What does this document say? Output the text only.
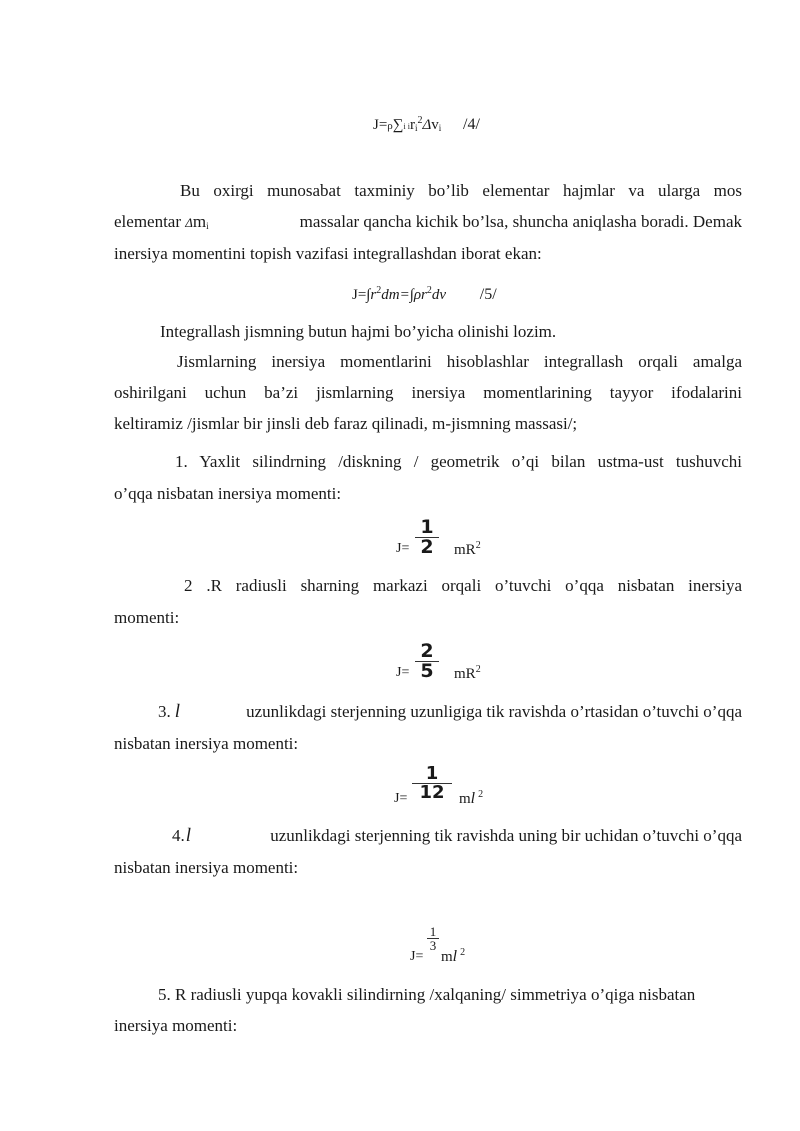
J=ρ∑i iri$^2$Δvi /4/
Bu oxirgi munosabat taxminiy bo’lib elementar hajmlar va ularga mos
elementar Δmi	massalar qancha kichik bo’lsa, shuncha aniqlasha boradi. Demak
inersiya momentini topish vazifasi integrallashdan iborat ekan:
$J=\int r^2dm=\int\rho r^2dv$ /5/
Integrallash jismning butun hajmi bo’yicha olinishi lozim.
Jismlarning inersiya momentlarini hisoblashlar integrallash orqali amalga
oshirilgani uchun ba’zi jismlarning inersiya momentlarining tayyor ifodalarini
keltiramiz /jismlar bir jinsli deb faraz qilinadi, m-jismning massasi/;
1. Yaxlit silindrning /diskning / geometrik o’qi bilan ustma-ust tushuvchi
o’qqa nisbatan inersiya momenti:
J=
1
2	$mR^2$
2 .R radiusli sharning markazi orqali o’tuvchi o’qqa nisbatan inersiya
momenti:
J=
2
5	$mR^2$
3. l	uzunlikdagi sterjenning uzunligiga tik ravishda o’rtasidan o’tuvchi o’qqa
nisbatan inersiya momenti:
J=
1
12 ml $^2$
4.l	uzunlikdagi sterjenning tik ravishda uning bir uchidan o’tuvchi o’qqa
nisbatan inersiya momenti:
J=
1
3
ml $^2$
5. R radiusli yupqa kovakli silindirning /xalqaning/ simmetriya o’qiga nisbatan
inersiya momenti:
